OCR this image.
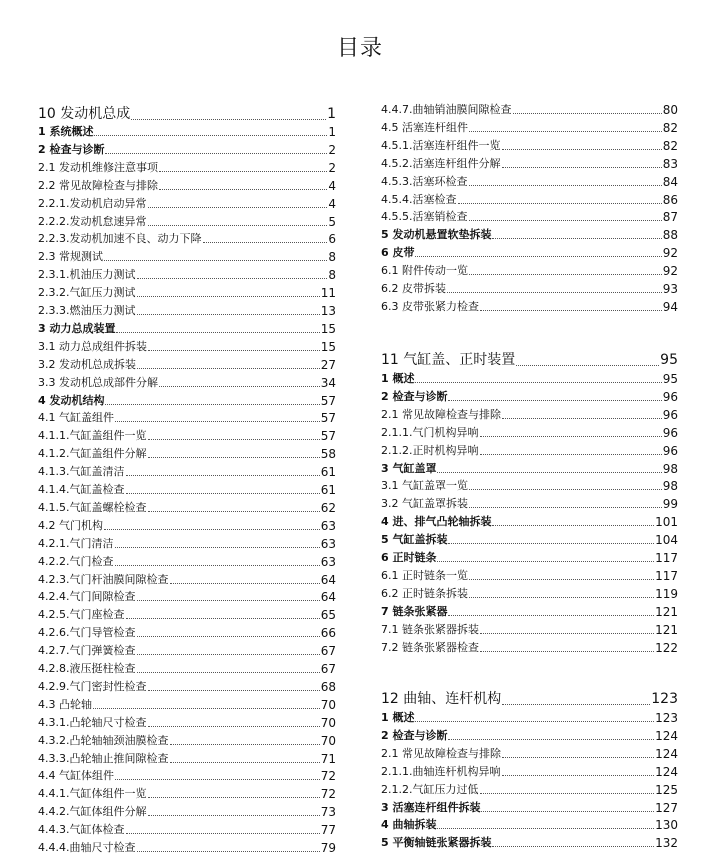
目录
10 发动机总成	1
1 系统概述	1
2 检查与诊断	2
2.1 发动机维修注意事项	2
2.2 常见故障检查与排除	4
2.2.1.发动机启动异常	4
2.2.2.发动机怠速异常	5
2.2.3.发动机加速不良、动力下降	6
2.3 常规测试	8
2.3.1.机油压力测试	8
2.3.2.气缸压力测试	11
2.3.3.燃油压力测试	13
3 动力总成装置	15
3.1 动力总成组件拆装	15
3.2 发动机总成拆装	27
3.3 发动机总成部件分解	34
4 发动机结构	57
4.1 气缸盖组件	57
4.1.1.气缸盖组件一览	57
4.1.2.气缸盖组件分解	58
4.1.3.气缸盖清洁	61
4.1.4.气缸盖检查	61
4.1.5.气缸盖螺栓检查	62
4.2 气门机构	63
4.2.1.气门清洁	63
4.2.2.气门检查	63
4.2.3.气门杆油膜间隙检查	64
4.2.4.气门间隙检查	64
4.2.5.气门座检查	65
4.2.6.气门导管检查	66
4.2.7.气门弹簧检查	67
4.2.8.液压挺柱检查	67
4.2.9.气门密封性检查	68
4.3 凸轮轴	70
4.3.1.凸轮轴尺寸检查	70
4.3.2.凸轮轴轴颈油膜检查	70
4.3.3.凸轮轴止推间隙检查	71
4.4 气缸体组件	72
4.4.1.气缸体组件一览	72
4.4.2.气缸体组件分解	73
4.4.3.气缸体检查	77
4.4.4.曲轴尺寸检查	79
4.4.7.曲轴销油膜间隙检查	80
4.5 活塞连杆组件	82
4.5.1.活塞连杆组件一览	82
4.5.2.活塞连杆组件分解	83
4.5.3.活塞环检查	84
4.5.4.活塞检查	86
4.5.5.活塞销检查	87
5 发动机悬置软垫拆装	88
6 皮带	92
6.1 附件传动一览	92
6.2 皮带拆装	93
6.3 皮带张紧力检查	94
11 气缸盖、正时装置	95
1 概述	95
2 检查与诊断	96
2.1 常见故障检查与排除	96
2.1.1.气门机构异响	96
2.1.2.正时机构异响	96
3 气缸盖罩	98
3.1 气缸盖罩一览	98
3.2 气缸盖罩拆装	99
4 进、排气凸轮轴拆装	101
5 气缸盖拆装	104
6 正时链条	117
6.1 正时链条一览	117
6.2 正时链条拆装	119
7 链条张紧器	121
7.1 链条张紧器拆装	121
7.2 链条张紧器检查	122
12 曲轴、连杆机构	123
1 概述	123
2 检查与诊断	124
2.1 常见故障检查与排除	124
2.1.1.曲轴连杆机构异响	124
2.1.2.气缸压力过低	125
3 活塞连杆组件拆装	127
4 曲轴拆装	130
5 平衡轴链张紧器拆装	132
